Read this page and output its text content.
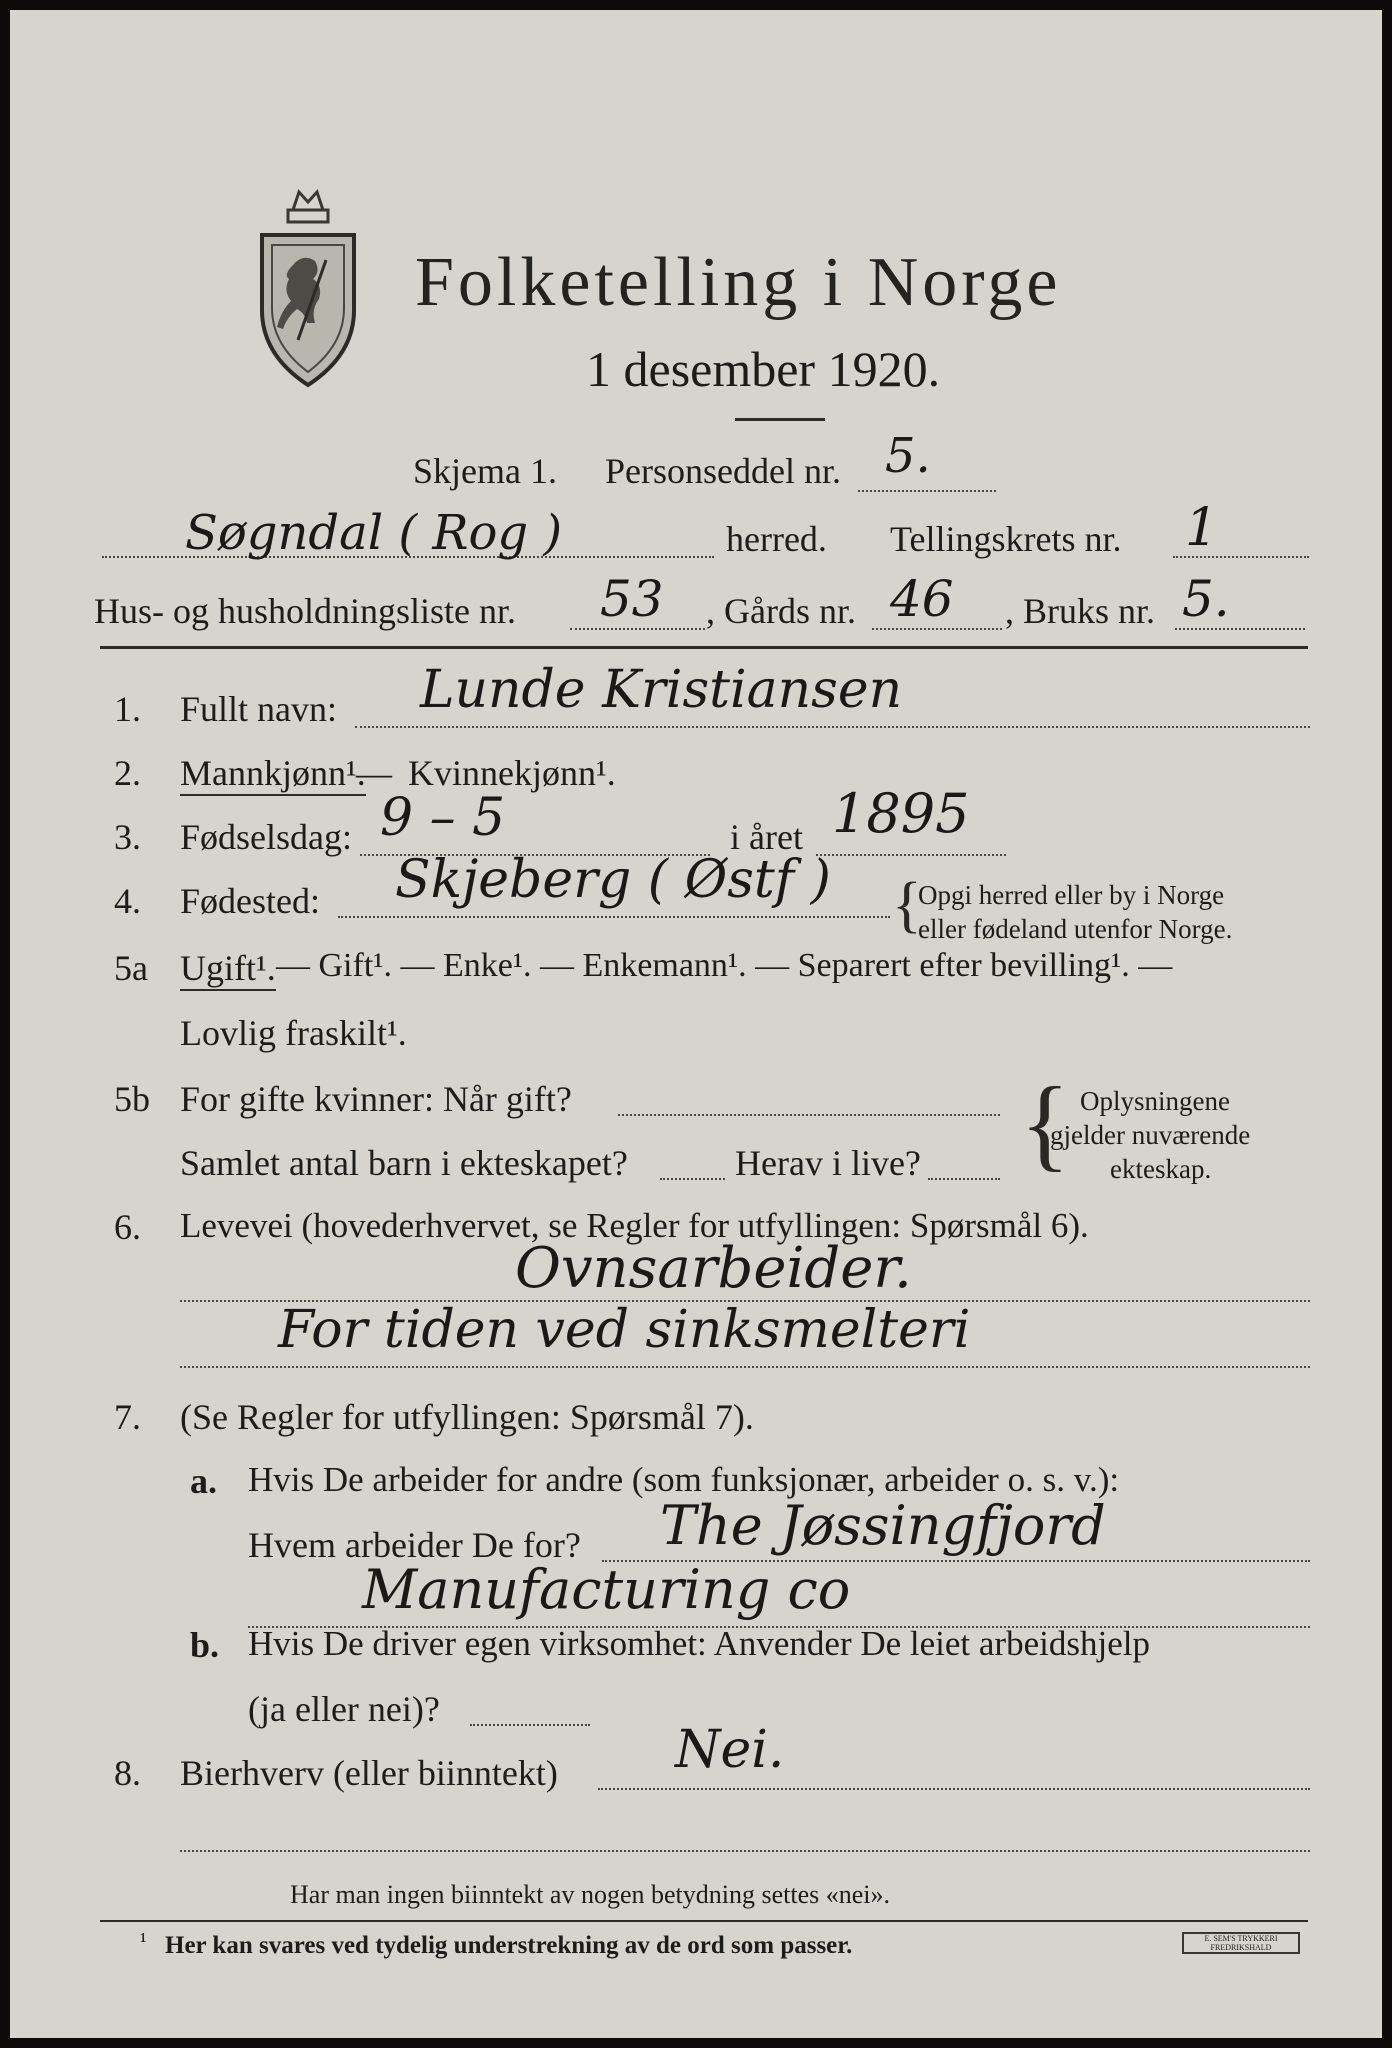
Folketelling i Norge
1 desember 1920.
Skjema 1. Personseddel nr. 5.
Søgndal ( Rog )	herred. Tellingskrets nr. 1
Hus- og husholdningsliste nr. 53 , Gårds nr. 46 , Bruks nr. 5.
1. Fullt navn: Lunde Kristiansen
2. Mannkjønn¹.
— Kvinnekjønn¹.
3. Fødselsdag: 9 – 5	i året 1895
4. Fødested: Skjeberg ( Østf ) {
Opgi herred eller by i Norge
eller fødeland utenfor Norge.
5a Ugift¹. — Gift¹. — Enke¹. — Enkemann¹. — Separert efter bevilling¹. —
Lovlig fraskilt¹.
5b For gifte kvinner: Når gift?
Samlet antal barn i ekteskapet?	Herav i live? { Oplysningene
gjelder nuværende
ekteskap.
6. Levevei (hovederhvervet, se Regler for utfyllingen: Spørsmål 6).
Ovnsarbeider.
For tiden ved sinksmelteri
7. (Se Regler for utfyllingen: Spørsmål 7).
a. Hvis De arbeider for andre (som funksjonær, arbeider o. s. v.):
Hvem arbeider De for? The Jøssingfjord
Manufacturing co
b. Hvis De driver egen virksomhet: Anvender De leiet arbeidshjelp
(ja eller nei)?
8. Bierhverv (eller biinntekt) Nei.
Har man ingen biinntekt av nogen betydning settes «nei».
¹ Her kan svares ved tydelig understrekning av de ord som passer.	E. SEM'S TRYKKERI FREDRIKSHALD
